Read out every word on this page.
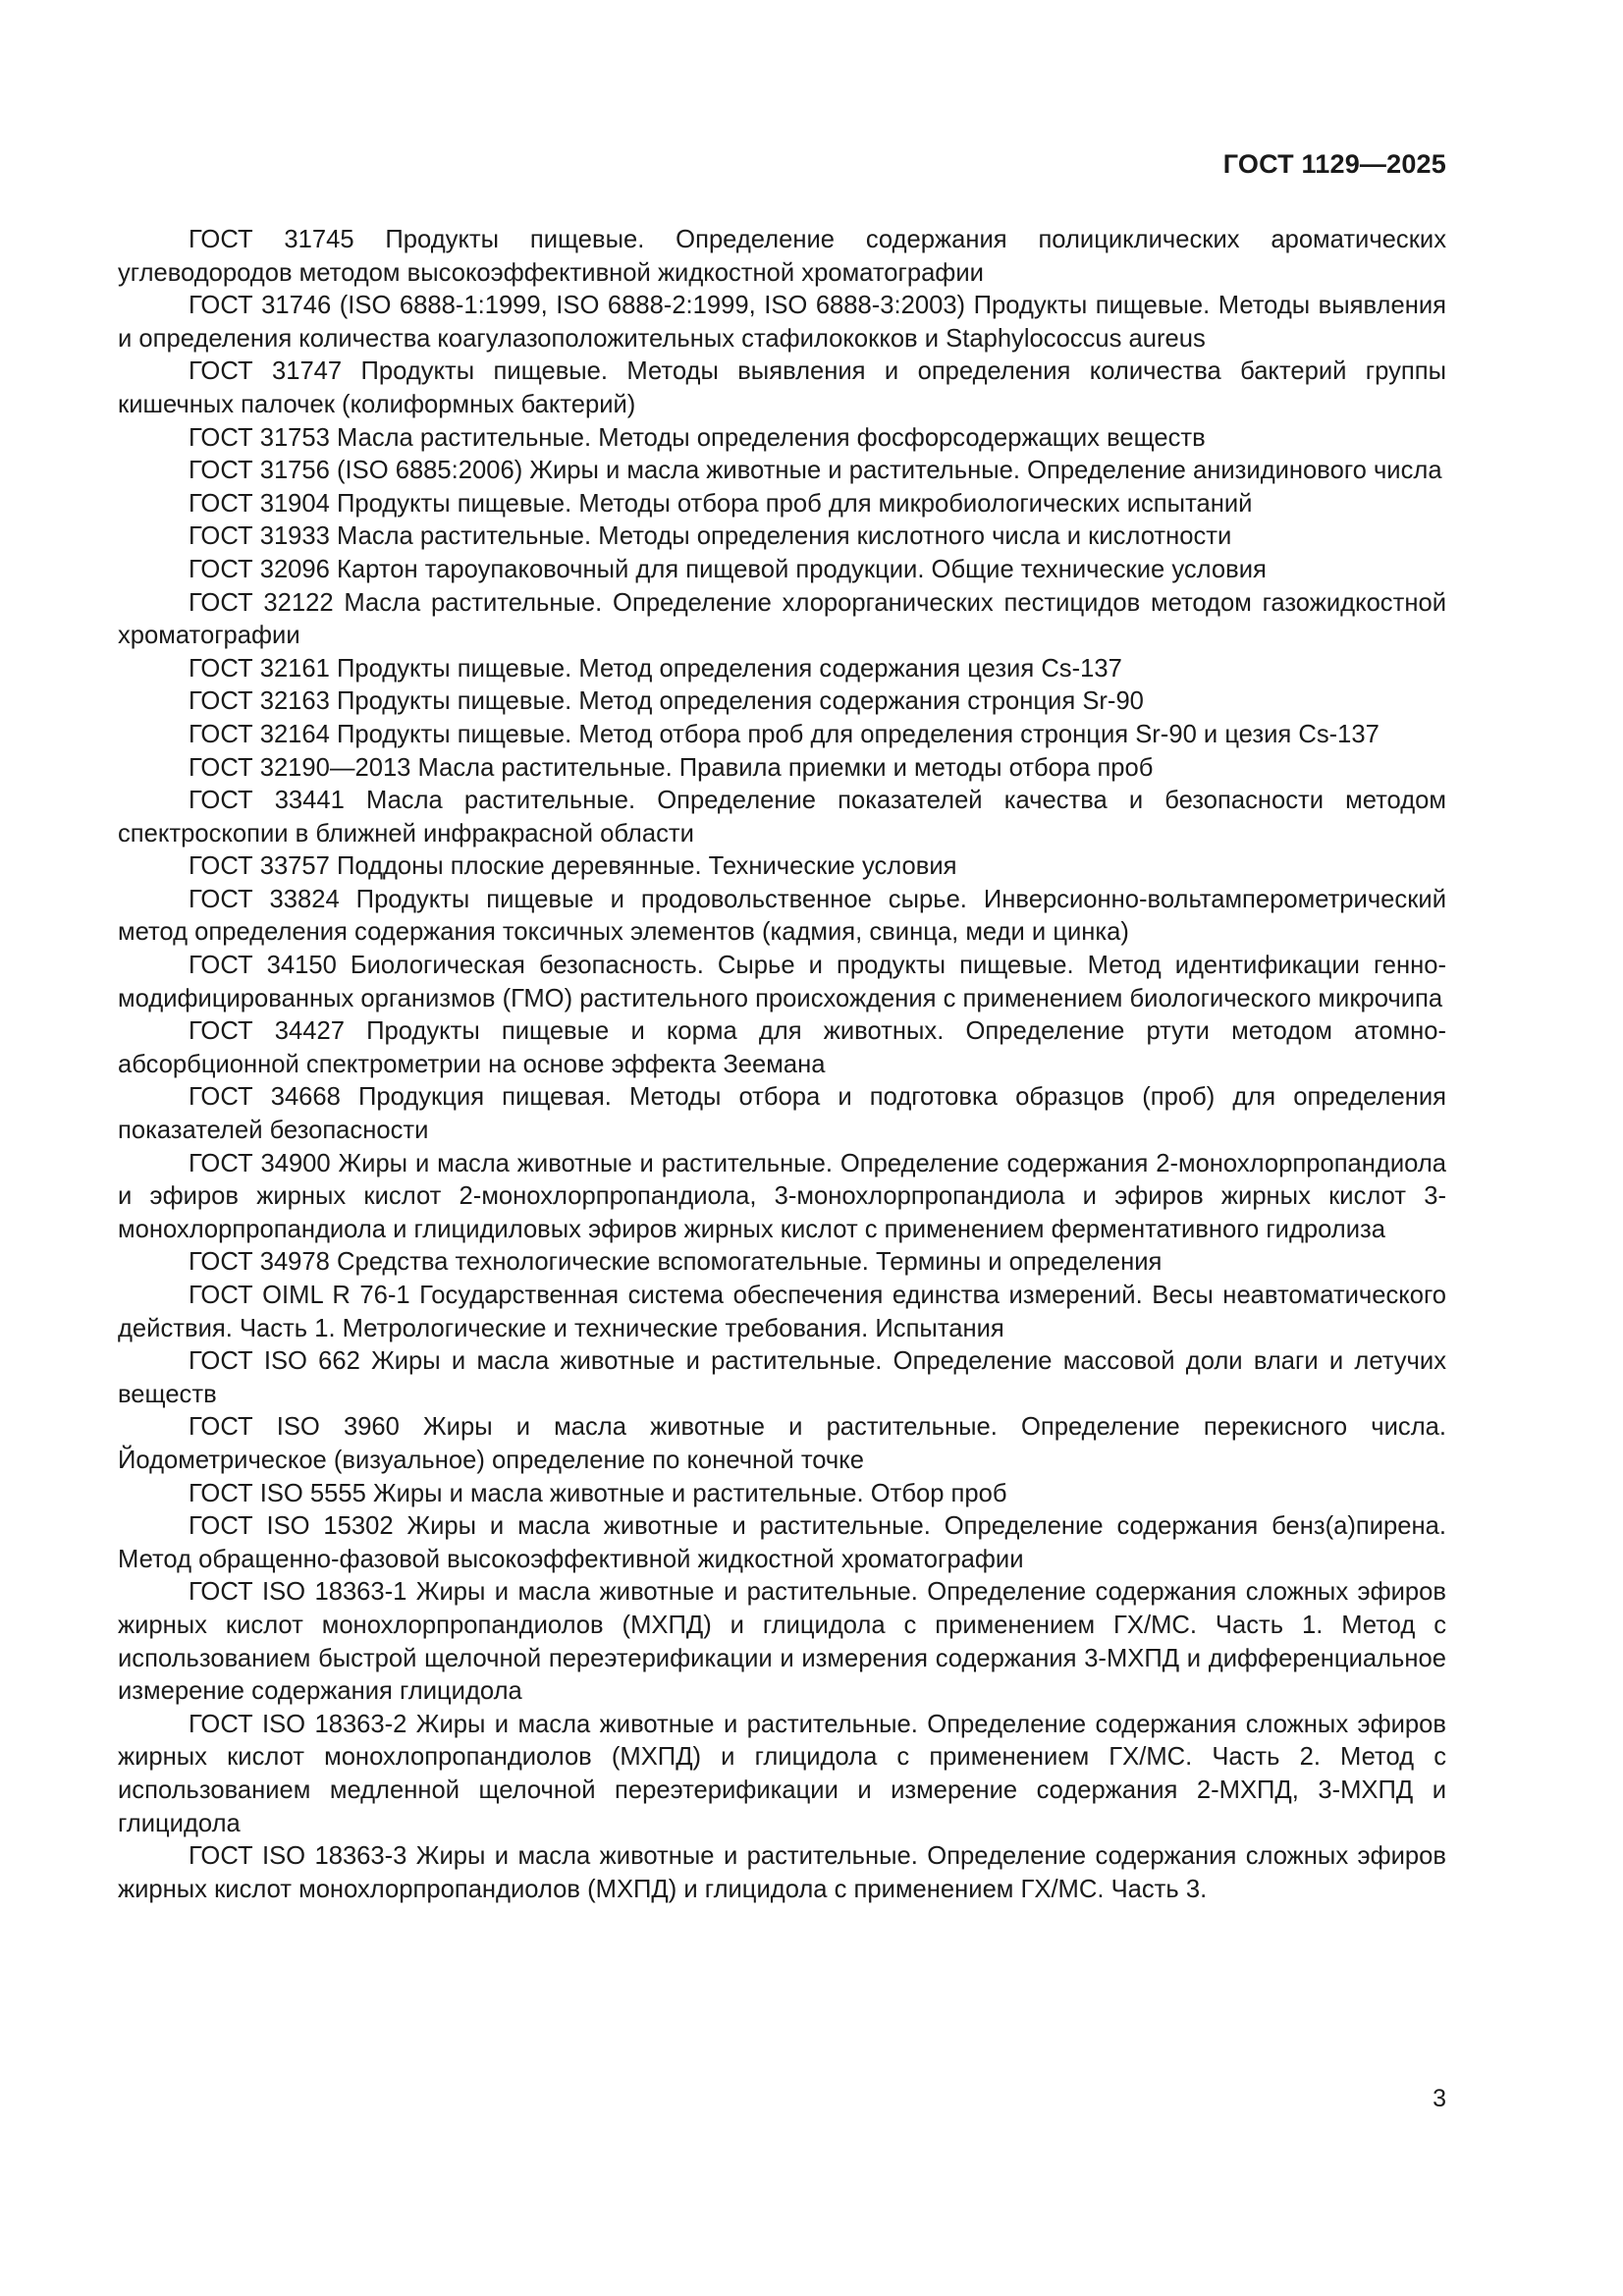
ГОСТ 1129—2025

ГОСТ 31745 Продукты пищевые. Определение содержания полициклических ароматических углеводородов методом высокоэффективной жидкостной хроматографии

ГОСТ 31746 (ISO 6888-1:1999, ISO 6888-2:1999, ISO 6888-3:2003) Продукты пищевые. Методы выявления и определения количества коагулазоположительных стафилококков и Staphylococcus aureus

ГОСТ 31747 Продукты пищевые. Методы выявления и определения количества бактерий группы кишечных палочек (колиформных бактерий)

ГОСТ 31753 Масла растительные. Методы определения фосфорсодержащих веществ

ГОСТ 31756 (ISO 6885:2006) Жиры и масла животные и растительные. Определение анизидинового числа

ГОСТ 31904 Продукты пищевые. Методы отбора проб для микробиологических испытаний

ГОСТ 31933 Масла растительные. Методы определения кислотного числа и кислотности

ГОСТ 32096 Картон тароупаковочный для пищевой продукции. Общие технические условия

ГОСТ 32122 Масла растительные. Определение хлорорганических пестицидов методом газожидкостной хроматографии

ГОСТ 32161 Продукты пищевые. Метод определения содержания цезия Cs-137

ГОСТ 32163 Продукты пищевые. Метод определения содержания стронция Sr-90

ГОСТ 32164 Продукты пищевые. Метод отбора проб для определения стронция Sr-90 и цезия Cs-137

ГОСТ 32190—2013 Масла растительные. Правила приемки и методы отбора проб

ГОСТ 33441 Масла растительные. Определение показателей качества и безопасности методом спектроскопии в ближней инфракрасной области

ГОСТ 33757 Поддоны плоские деревянные. Технические условия

ГОСТ 33824 Продукты пищевые и продовольственное сырье. Инверсионно-вольтамперометрический метод определения содержания токсичных элементов (кадмия, свинца, меди и цинка)

ГОСТ 34150 Биологическая безопасность. Сырье и продукты пищевые. Метод идентификации генно-модифицированных организмов (ГМО) растительного происхождения с применением биологического микрочипа

ГОСТ 34427 Продукты пищевые и корма для животных. Определение ртути методом атомно-абсорбционной спектрометрии на основе эффекта Зеемана

ГОСТ 34668 Продукция пищевая. Методы отбора и подготовка образцов (проб) для определения показателей безопасности

ГОСТ 34900 Жиры и масла животные и растительные. Определение содержания 2-монохлорпропандиола и эфиров жирных кислот 2-монохлорпропандиола, 3-монохлорпропандиола и эфиров жирных кислот 3-монохлорпропандиола и глицидиловых эфиров жирных кислот с применением ферментативного гидролиза

ГОСТ 34978 Средства технологические вспомогательные. Термины и определения

ГОСТ OIML R 76-1 Государственная система обеспечения единства измерений. Весы неавтоматического действия. Часть 1. Метрологические и технические требования. Испытания

ГОСТ ISO 662 Жиры и масла животные и растительные. Определение массовой доли влаги и летучих веществ

ГОСТ ISO 3960 Жиры и масла животные и растительные. Определение перекисного числа. Йодометрическое (визуальное) определение по конечной точке

ГОСТ ISO 5555 Жиры и масла животные и растительные. Отбор проб

ГОСТ ISO 15302 Жиры и масла животные и растительные. Определение содержания бенз(а)пирена. Метод обращенно-фазовой высокоэффективной жидкостной хроматографии

ГОСТ ISO 18363-1 Жиры и масла животные и растительные. Определение содержания сложных эфиров жирных кислот монохлорпропандиолов (МХПД) и глицидола с применением ГХ/МС. Часть 1. Метод с использованием быстрой щелочной переэтерификации и измерения содержания 3-МХПД и дифференциальное измерение содержания глицидола

ГОСТ ISO 18363-2 Жиры и масла животные и растительные. Определение содержания сложных эфиров жирных кислот монохлопропандиолов (МХПД) и глицидола с применением ГХ/МС. Часть 2. Метод с использованием медленной щелочной переэтерификации и измерение содержания 2-МХПД, 3-МХПД и глицидола

ГОСТ ISO 18363-3 Жиры и масла животные и растительные. Определение содержания сложных эфиров жирных кислот монохлорпропандиолов (МХПД) и глицидола с применением ГХ/МС. Часть 3.

3
